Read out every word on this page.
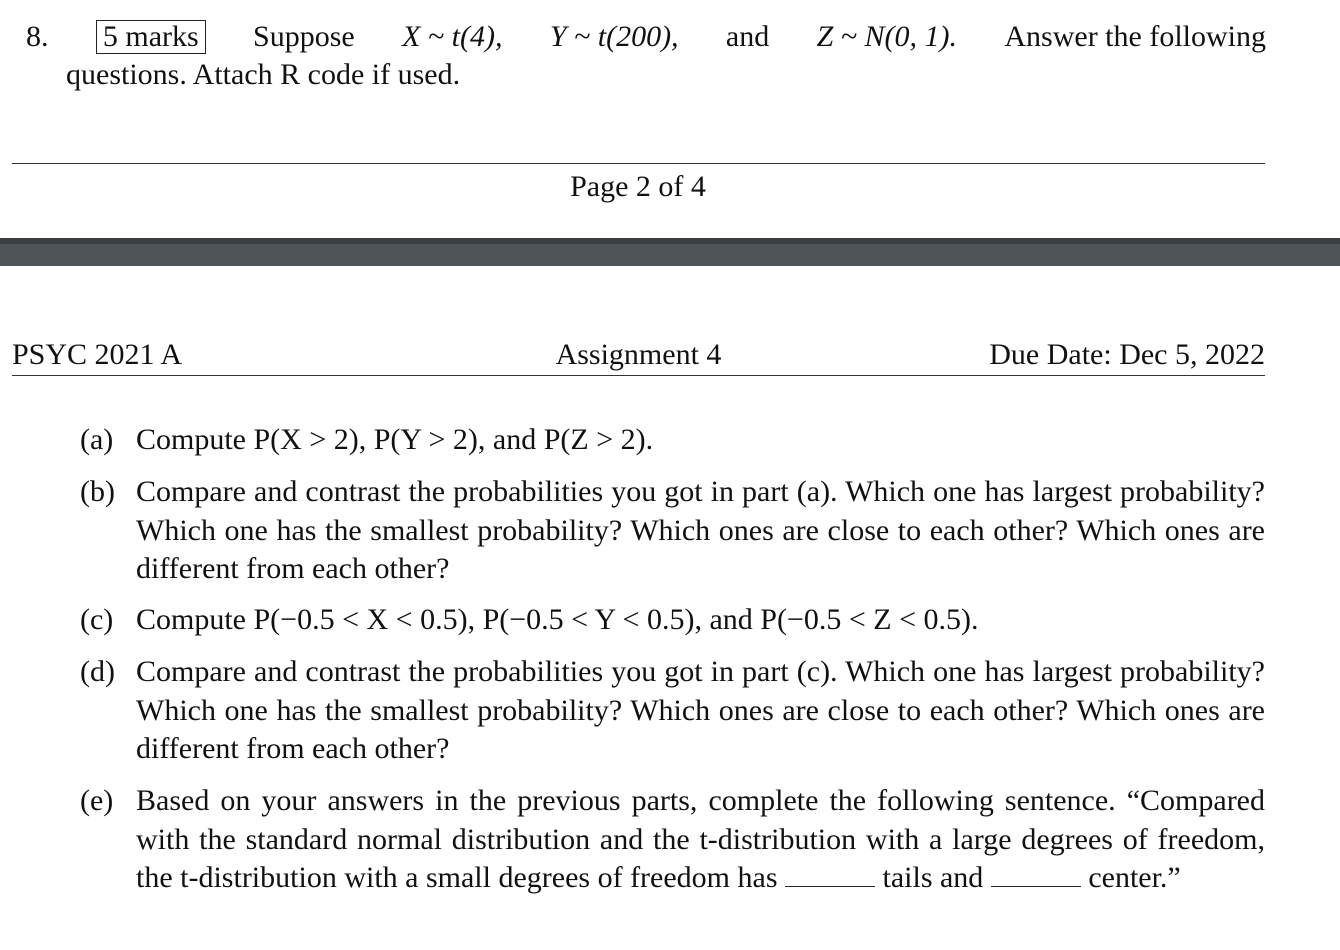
8. 5 marks Suppose X ~ t(4), Y ~ t(200), and Z ~ N(0, 1). Answer the following
questions. Attach R code if used.
Page 2 of 4
PSYC 2021 A	Assignment 4	Due Date: Dec 5, 2022
(a) Compute P(X > 2), P(Y > 2), and P(Z > 2).
(b) Compare and contrast the probabilities you got in part (a). Which one has largest probability? Which one has the smallest probability? Which ones are close to each other? Which ones are different from each other?
(c) Compute P(−0.5 < X < 0.5), P(−0.5 < Y < 0.5), and P(−0.5 < Z < 0.5).
(d) Compare and contrast the probabilities you got in part (c). Which one has largest probability? Which one has the smallest probability? Which ones are close to each other? Which ones are different from each other?
(e) Based on your answers in the previous parts, complete the following sentence. “Compared with the standard normal distribution and the t-distribution with a large degrees of freedom, the t-distribution with a small degrees of freedom has	tails and	center.”
